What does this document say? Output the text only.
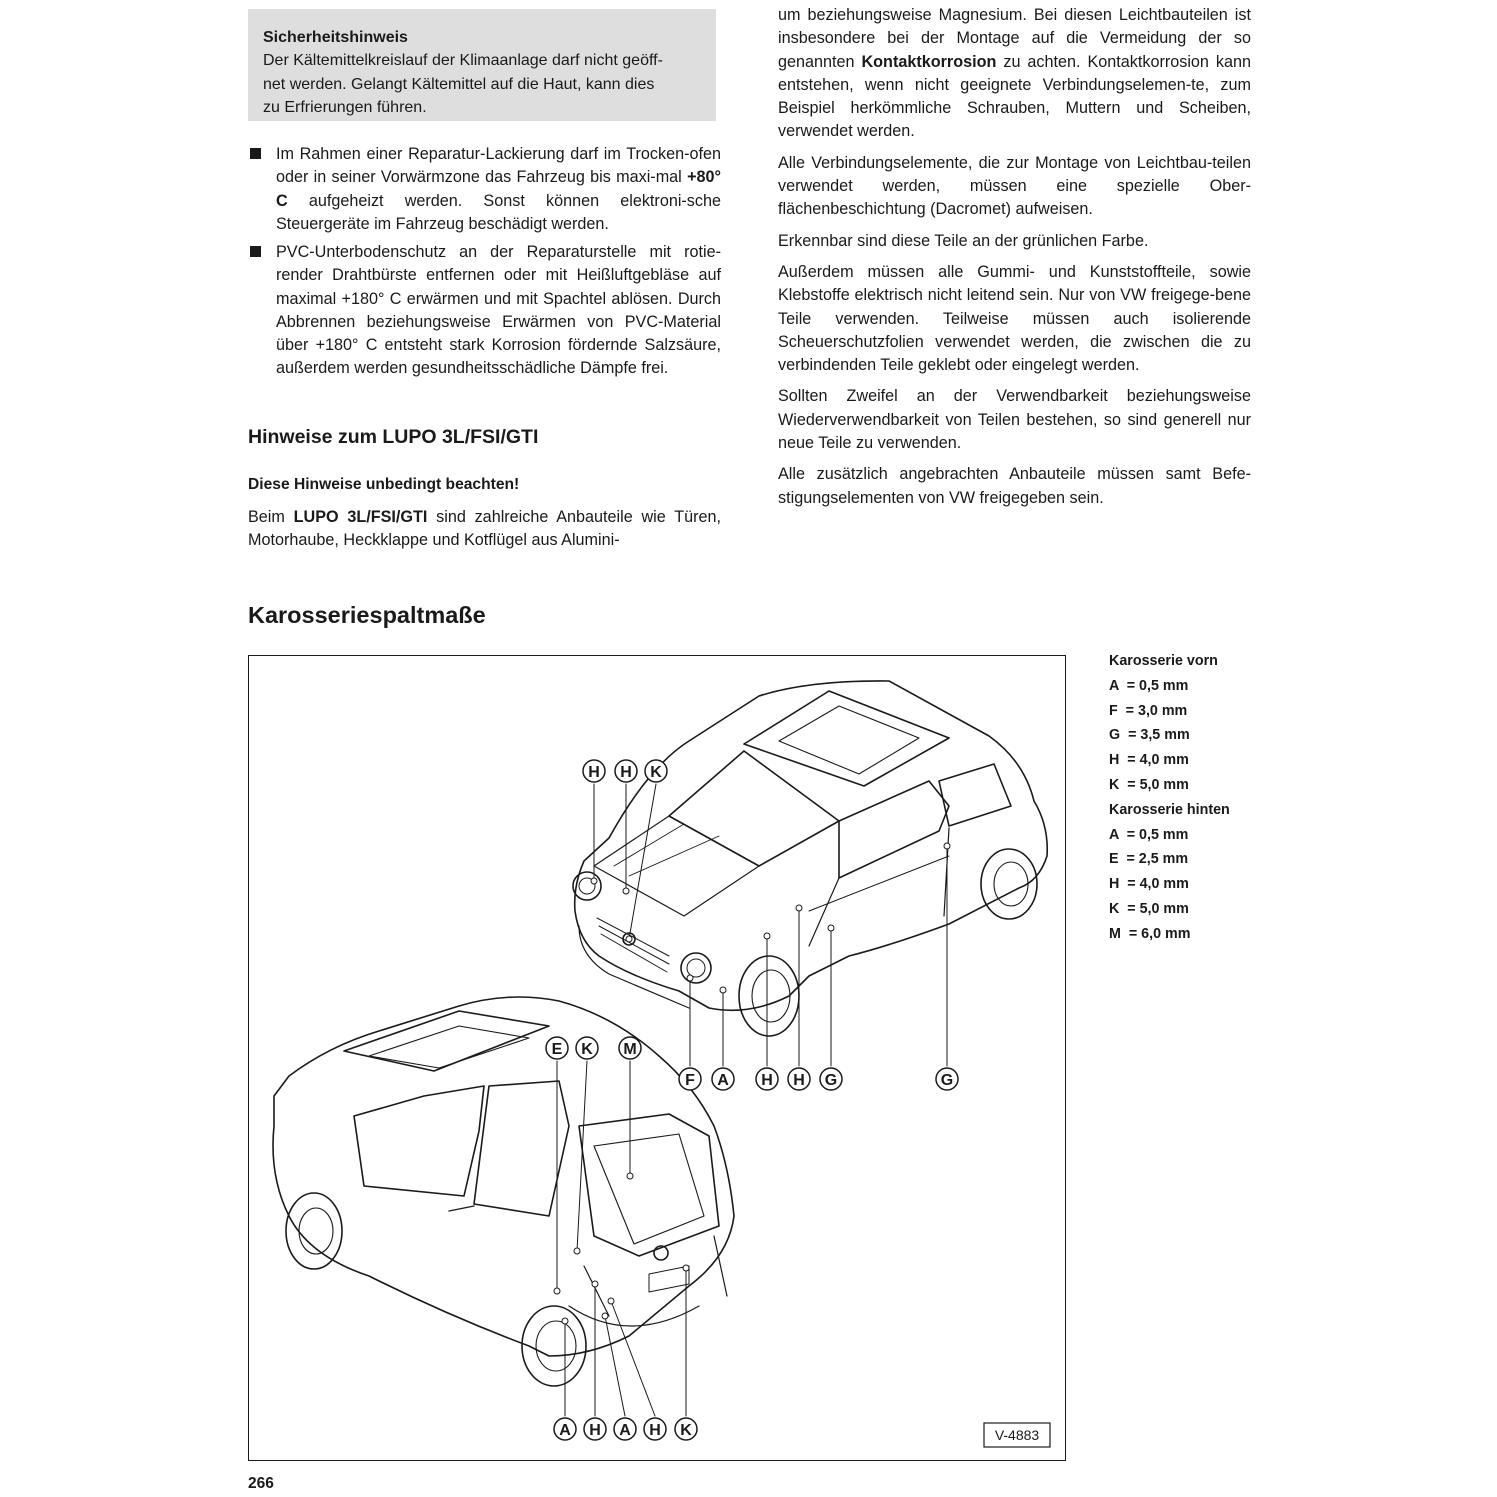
Sicherheitshinweis
Der Kältemittelkreislauf der Klimaanlage darf nicht geöff-
net werden. Gelangt Kältemittel auf die Haut, kann dies
zu Erfrierungen führen.
Im Rahmen einer Reparatur-Lackierung darf im Trocken-ofen oder in seiner Vorwärmzone das Fahrzeug bis maxi-mal +80° C aufgeheizt werden. Sonst können elektroni-sche Steuergeräte im Fahrzeug beschädigt werden.
PVC-Unterbodenschutz an der Reparaturstelle mit rotie-render Drahtbürste entfernen oder mit Heißluftgebläse auf maximal +180° C erwärmen und mit Spachtel ablösen. Durch Abbrennen beziehungsweise Erwärmen von PVC-Material über +180° C entsteht stark Korrosion fördernde Salzsäure, außerdem werden gesundheitsschädliche Dämpfe frei.
Hinweise zum LUPO 3L/FSI/GTI
Diese Hinweise unbedingt beachten!
Beim LUPO 3L/FSI/GTI sind zahlreiche Anbauteile wie Türen, Motorhaube, Heckklappe und Kotflügel aus Alumini-

um beziehungsweise Magnesium. Bei diesen Leichtbauteilen ist insbesondere bei der Montage auf die Vermeidung der so genannten Kontaktkorrosion zu achten. Kontaktkorrosion kann entstehen, wenn nicht geeignete Verbindungselemen-te, zum Beispiel herkömmliche Schrauben, Muttern und Scheiben, verwendet werden.

Alle Verbindungselemente, die zur Montage von Leichtbau-teilen verwendet werden, müssen eine spezielle Ober-flächenbeschichtung (Dacromet) aufweisen.

Erkennbar sind diese Teile an der grünlichen Farbe.

Außerdem müssen alle Gummi- und Kunststoffteile, sowie Klebstoffe elektrisch nicht leitend sein. Nur von VW freigege-bene Teile verwenden. Teilweise müssen auch isolierende Scheuerschutzfolien verwendet werden, die zwischen die zu verbindenden Teile geklebt oder eingelegt werden.

Sollten Zweifel an der Verwendbarkeit beziehungsweise Wiederverwendbarkeit von Teilen bestehen, so sind generell nur neue Teile zu verwenden.

Alle zusätzlich angebrachten Anbauteile müssen samt Befe-stigungselementen von VW freigegeben sein.

Karosseriespaltmaße
H H K
F A H H G	G
E K M
A H A H K	V-4883
Karosserie vorn
A  = 0,5 mm
F  = 3,0 mm
G  = 3,5 mm
H  = 4,0 mm
K  = 5,0 mm
Karosserie hinten
A  = 0,5 mm
E  = 2,5 mm
H  = 4,0 mm
K  = 5,0 mm
M  = 6,0 mm
266
